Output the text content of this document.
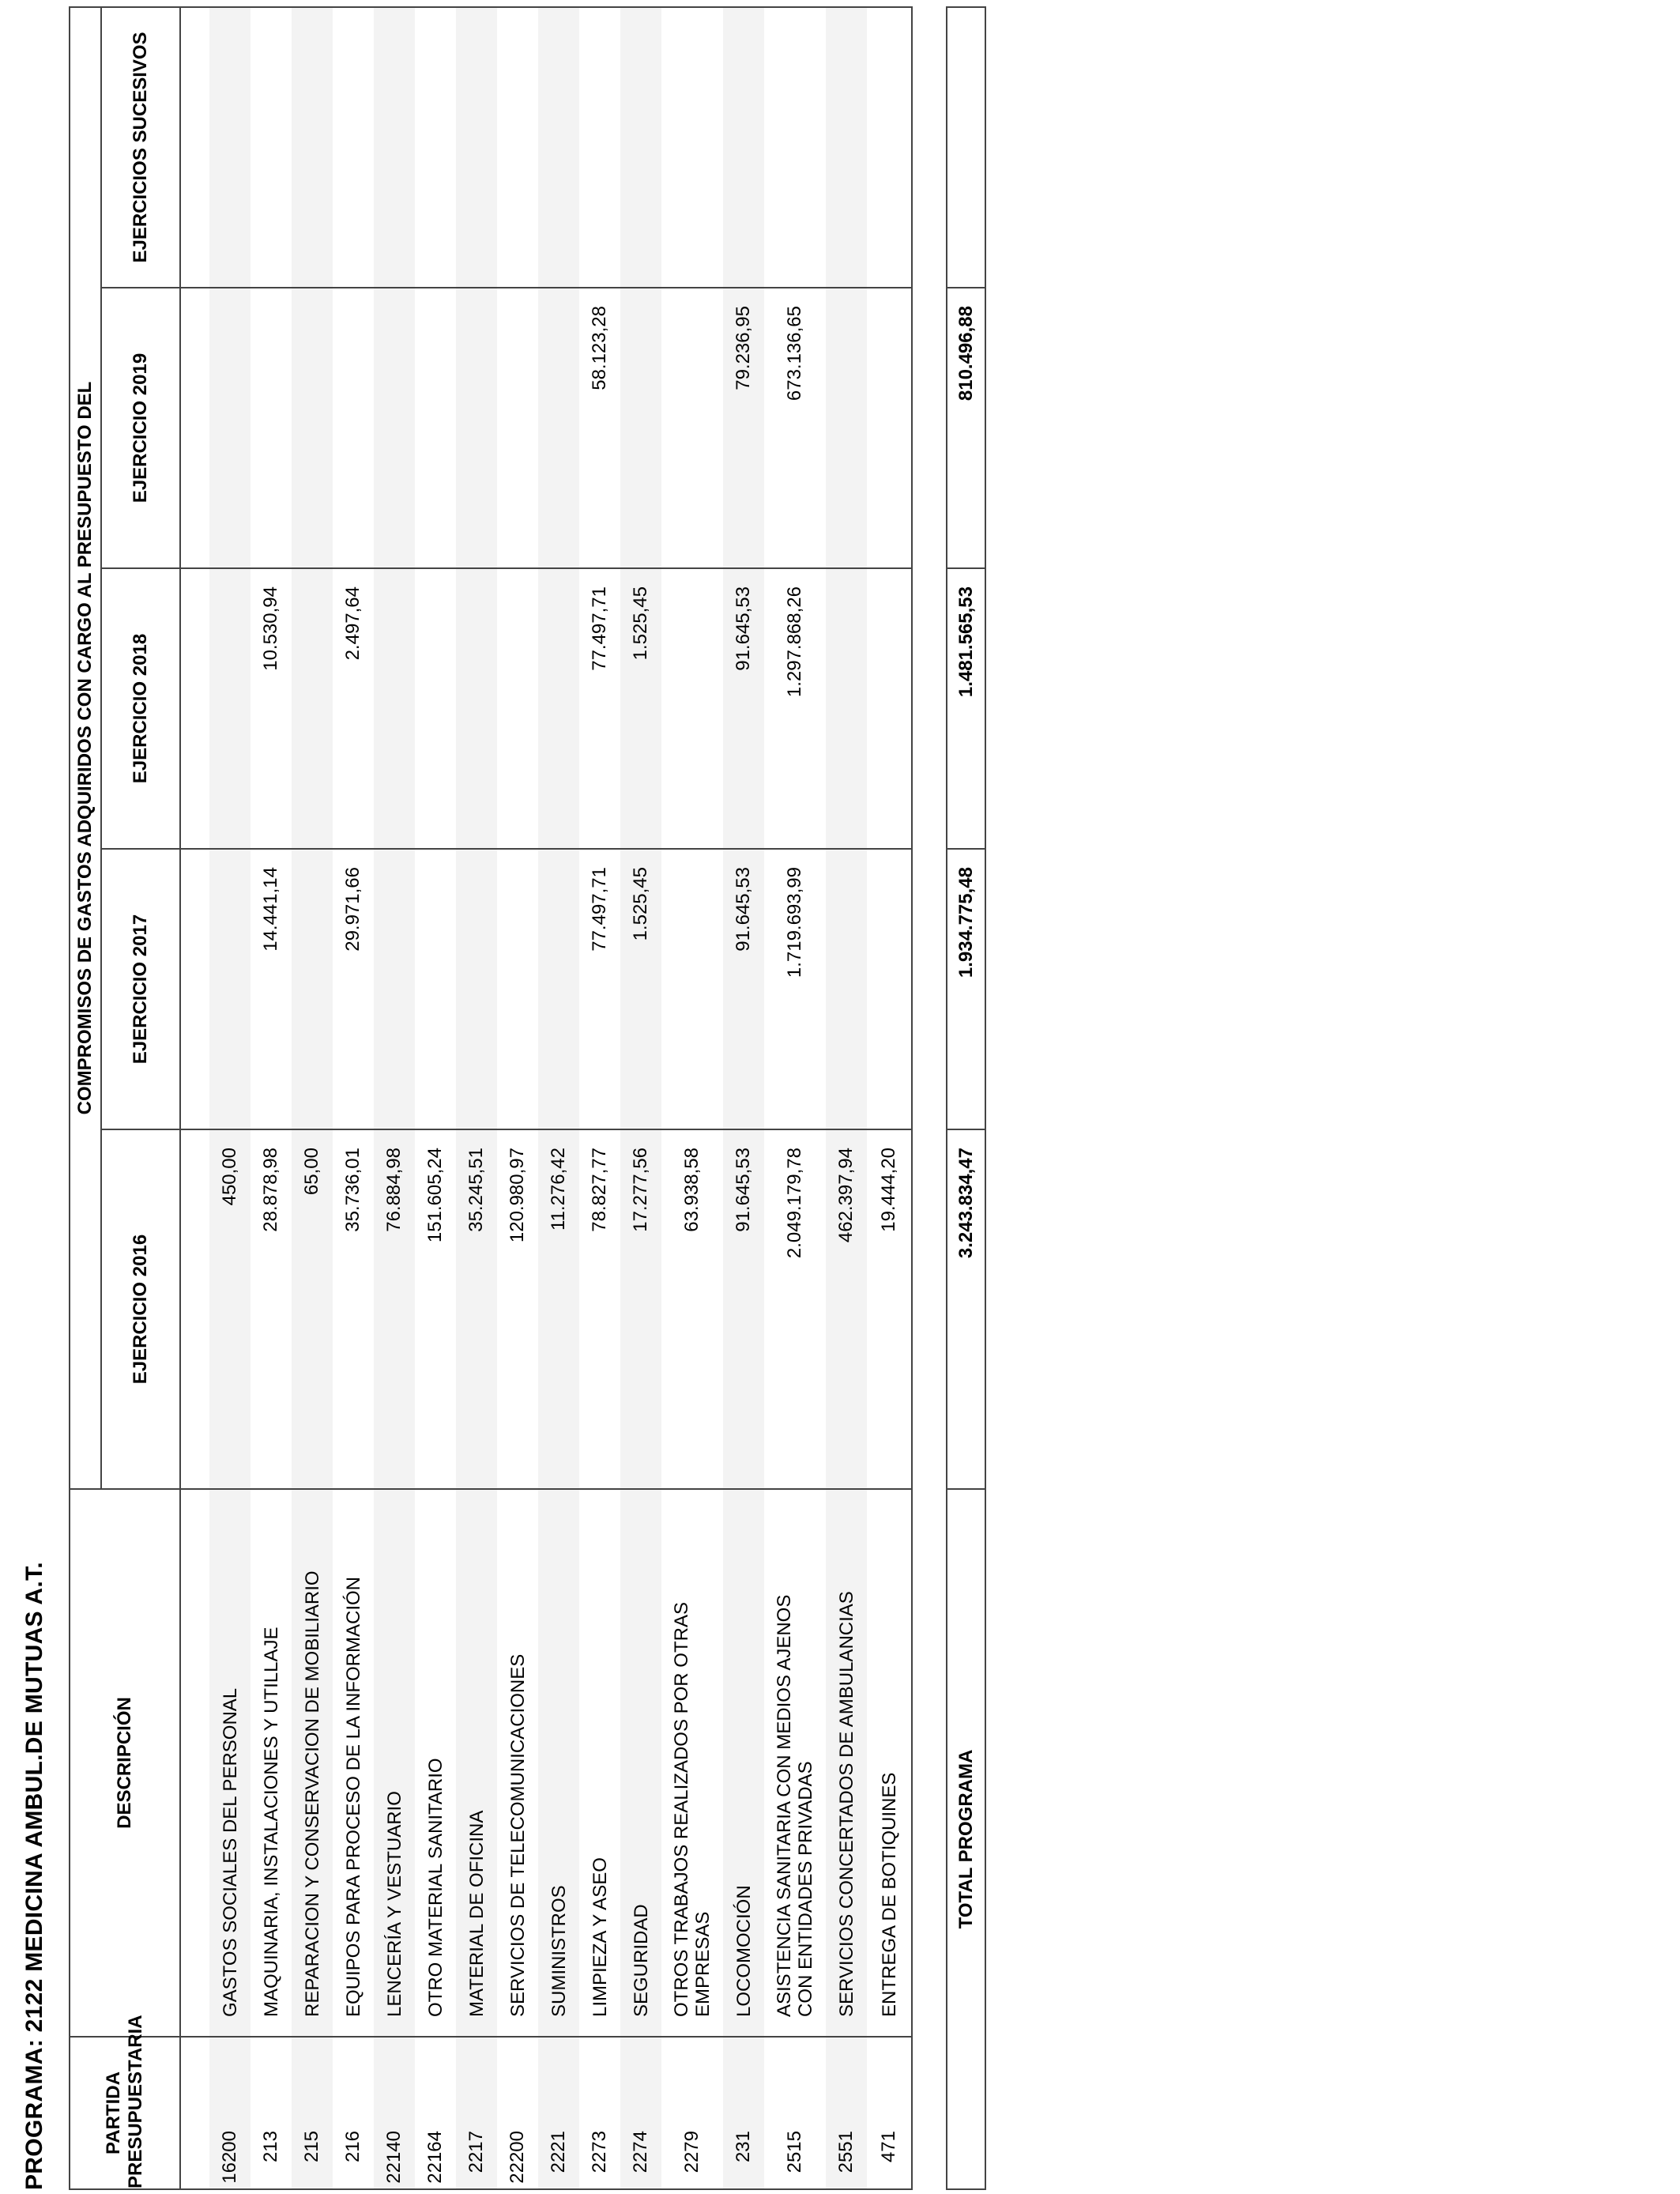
PROGRAMA: 2122 MEDICINA AMBUL.DE MUTUAS A.T.	PARTIDA
PRESUPUESTARIA	DESCRIPCIÓN	COMPROMISOS DE GASTOS ADQUIRIDOS CON CARGO AL PRESUPUESTO DEL				
		EJERCICIO 2016	EJERCICIO 2017	EJERCICIO 2018	EJERCICIO 2019	EJERCICIOS SUCESIVOS

16200	GASTOS SOCIALES DEL PERSONAL	450,00				
213	MAQUINARIA, INSTALACIONES Y UTILLAJE	28.878,98	14.441,14	10.530,94		
215	REPARACION Y CONSERVACION DE MOBILIARIO	65,00				
216	EQUIPOS PARA PROCESO DE LA INFORMACIÓN	35.736,01	29.971,66	2.497,64		
22140	LENCERÍA Y VESTUARIO	76.884,98				
22164	OTRO MATERIAL SANITARIO	151.605,24				
2217	MATERIAL DE OFICINA	35.245,51				
22200	SERVICIOS DE TELECOMUNICACIONES	120.980,97				
2221	SUMINISTROS	11.276,42				
2273	LIMPIEZA Y ASEO	78.827,77	77.497,71	77.497,71	58.123,28	
2274	SEGURIDAD	17.277,56	1.525,45	1.525,45		
2279	OTROS TRABAJOS REALIZADOS POR OTRAS
EMPRESAS	63.938,58				
231	LOCOMOCIÓN	91.645,53	91.645,53	91.645,53	79.236,95	
2515	ASISTENCIA SANITARIA CON MEDIOS AJENOS
CON ENTIDADES PRIVADAS	2.049.179,78	1.719.693,99	1.297.868,26	673.136,65	
2551	SERVICIOS CONCERTADOS DE AMBULANCIAS	462.397,94				
471	ENTREGA DE BOTIQUINES	19.444,20				
TOTAL PROGRAMA	3.243.834,47	1.934.775,48	1.481.565,53	810.496,88	
